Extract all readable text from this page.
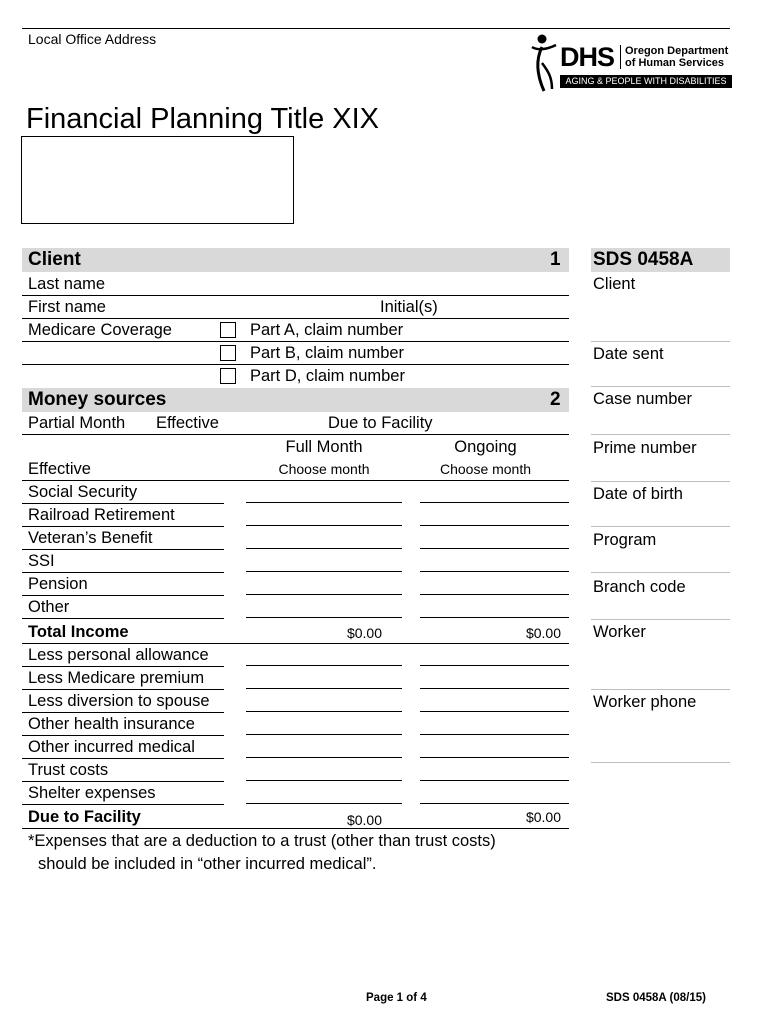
Local Office Address
DHS Oregon Department
of Human Services
AGING & PEOPLE WITH DISABILITIES
Financial Planning Title XIX
Client	1
Last name
First name	Initial(s)
Medicare Coverage	Part A, claim number
Part B, claim number
Part D, claim number
Money sources	2
Partial Month Effective	Due to Facility
Full Month	Ongoing
Effective	Choose month	Choose month
Social Security
Railroad Retirement
Veteran’s Benefit
SSI
Pension
Other
Total Income	$0.00	$0.00
Less personal allowance
Less Medicare premium
Less diversion to spouse
Other health insurance
Other incurred medical
Trust costs
Shelter expenses
Due to Facility	$0.00	$0.00
*Expenses that are a deduction to a trust (other than trust costs)
should be included in “other incurred medical”.
SDS 0458A
Client
Date sent
Case number
Prime number
Date of birth
Program
Branch code
Worker
Worker phone
Page 1 of 4	SDS 0458A (08/15)
